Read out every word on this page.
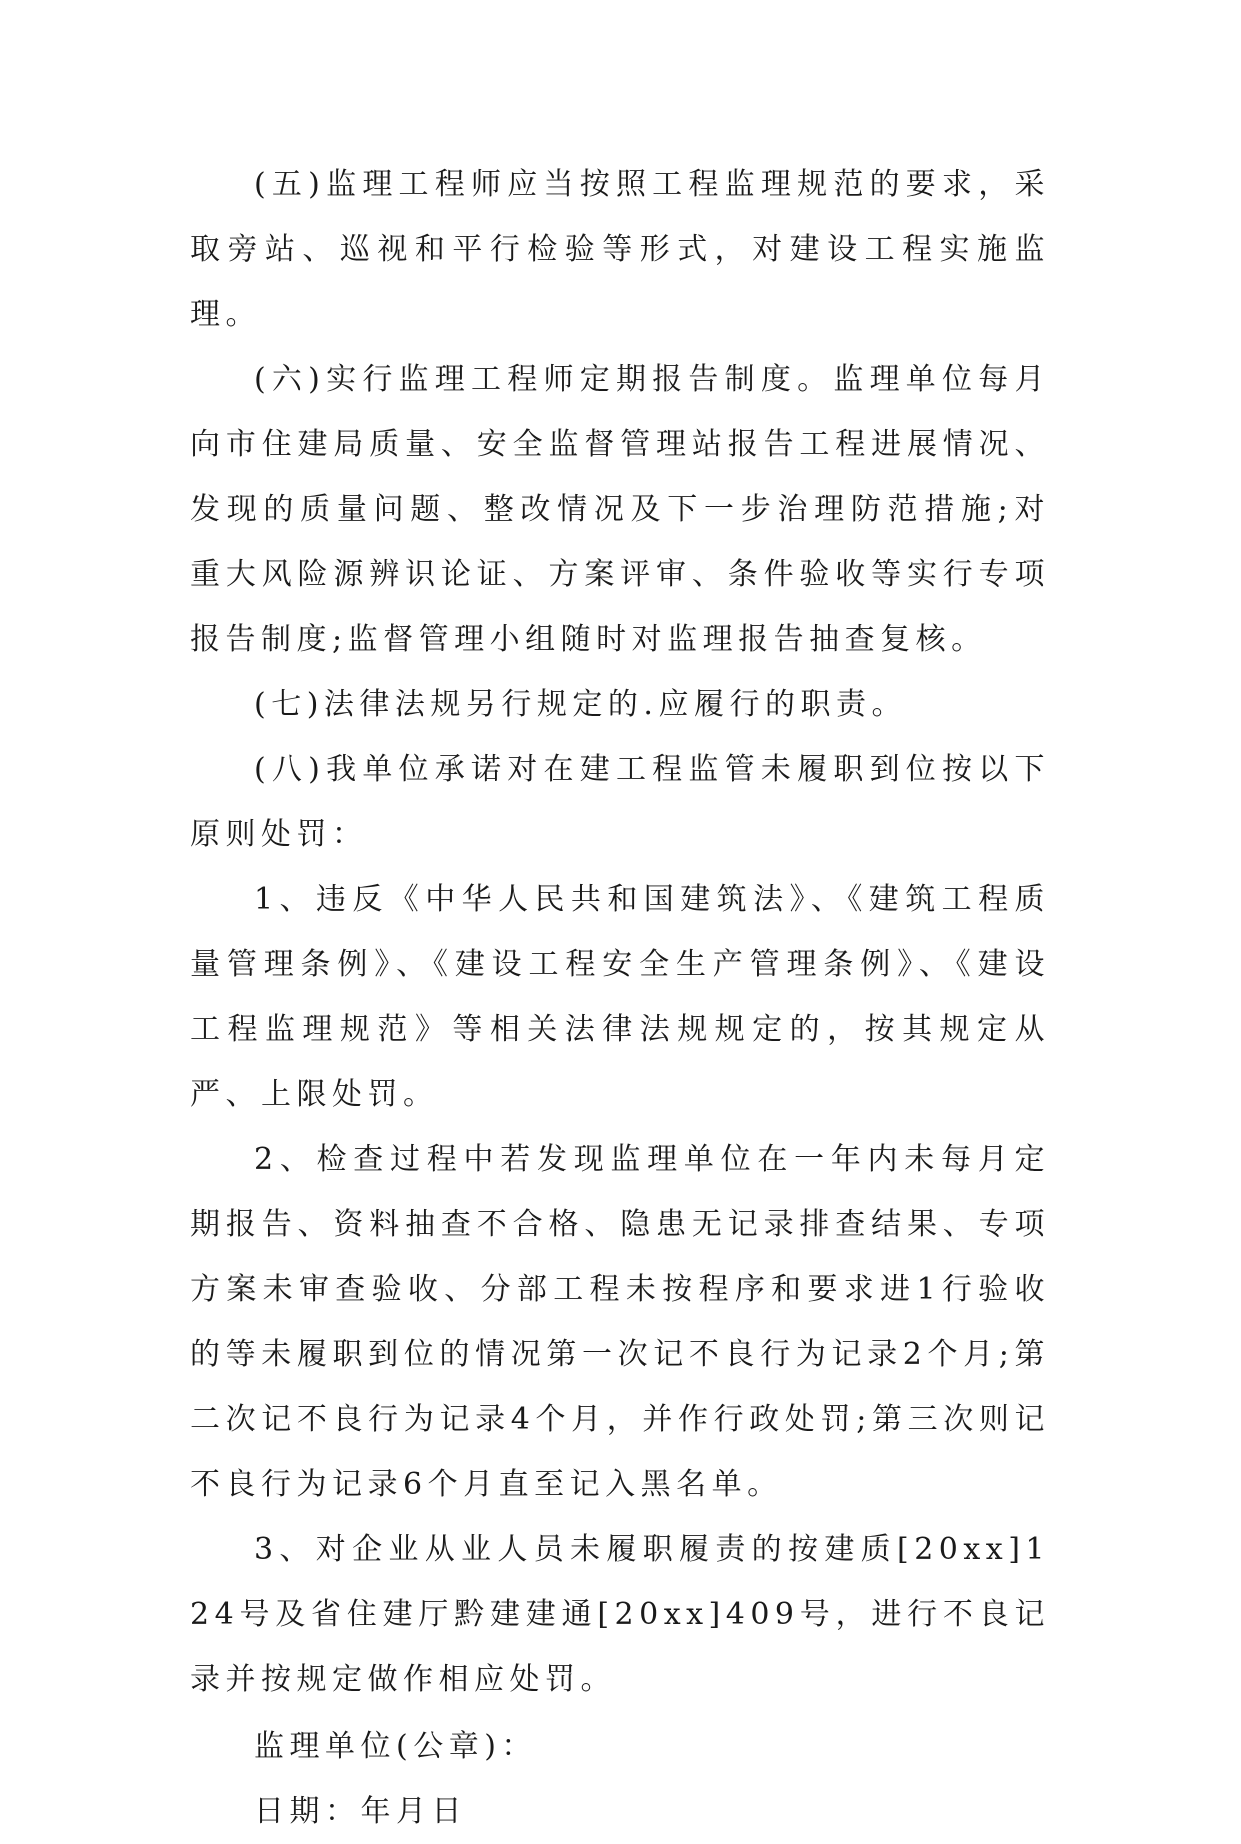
(五)监理工程师应当按照工程监理规范的要求，采取旁站、巡视和平行检验等形式，对建设工程实施监理。

(六)实行监理工程师定期报告制度。监理单位每月向市住建局质量、安全监督管理站报告工程进展情况、发现的质量问题、整改情况及下一步治理防范措施;对重大风险源辨识论证、方案评审、条件验收等实行专项报告制度;监督管理小组随时对监理报告抽查复核。

(七)法律法规另行规定的.应履行的职责。

(八)我单位承诺对在建工程监管未履职到位按以下原则处罚：

1、违反《中华人民共和国建筑法》、《建筑工程质量管理条例》、《建设工程安全生产管理条例》、《建设工程监理规范》等相关法律法规规定的，按其规定从严、上限处罚。

2、检查过程中若发现监理单位在一年内未每月定期报告、资料抽查不合格、隐患无记录排查结果、专项方案未审查验收、分部工程未按程序和要求进1行验收的等未履职到位的情况第一次记不良行为记录2个月;第二次记不良行为记录4个月，并作行政处罚;第三次则记不良行为记录6个月直至记入黑名单。

3、对企业从业人员未履职履责的按建质[20xx]124号及省住建厅黔建建通[20xx]409号，进行不良记录并按规定做作相应处罚。

监理单位(公章)：

日期：年月日
